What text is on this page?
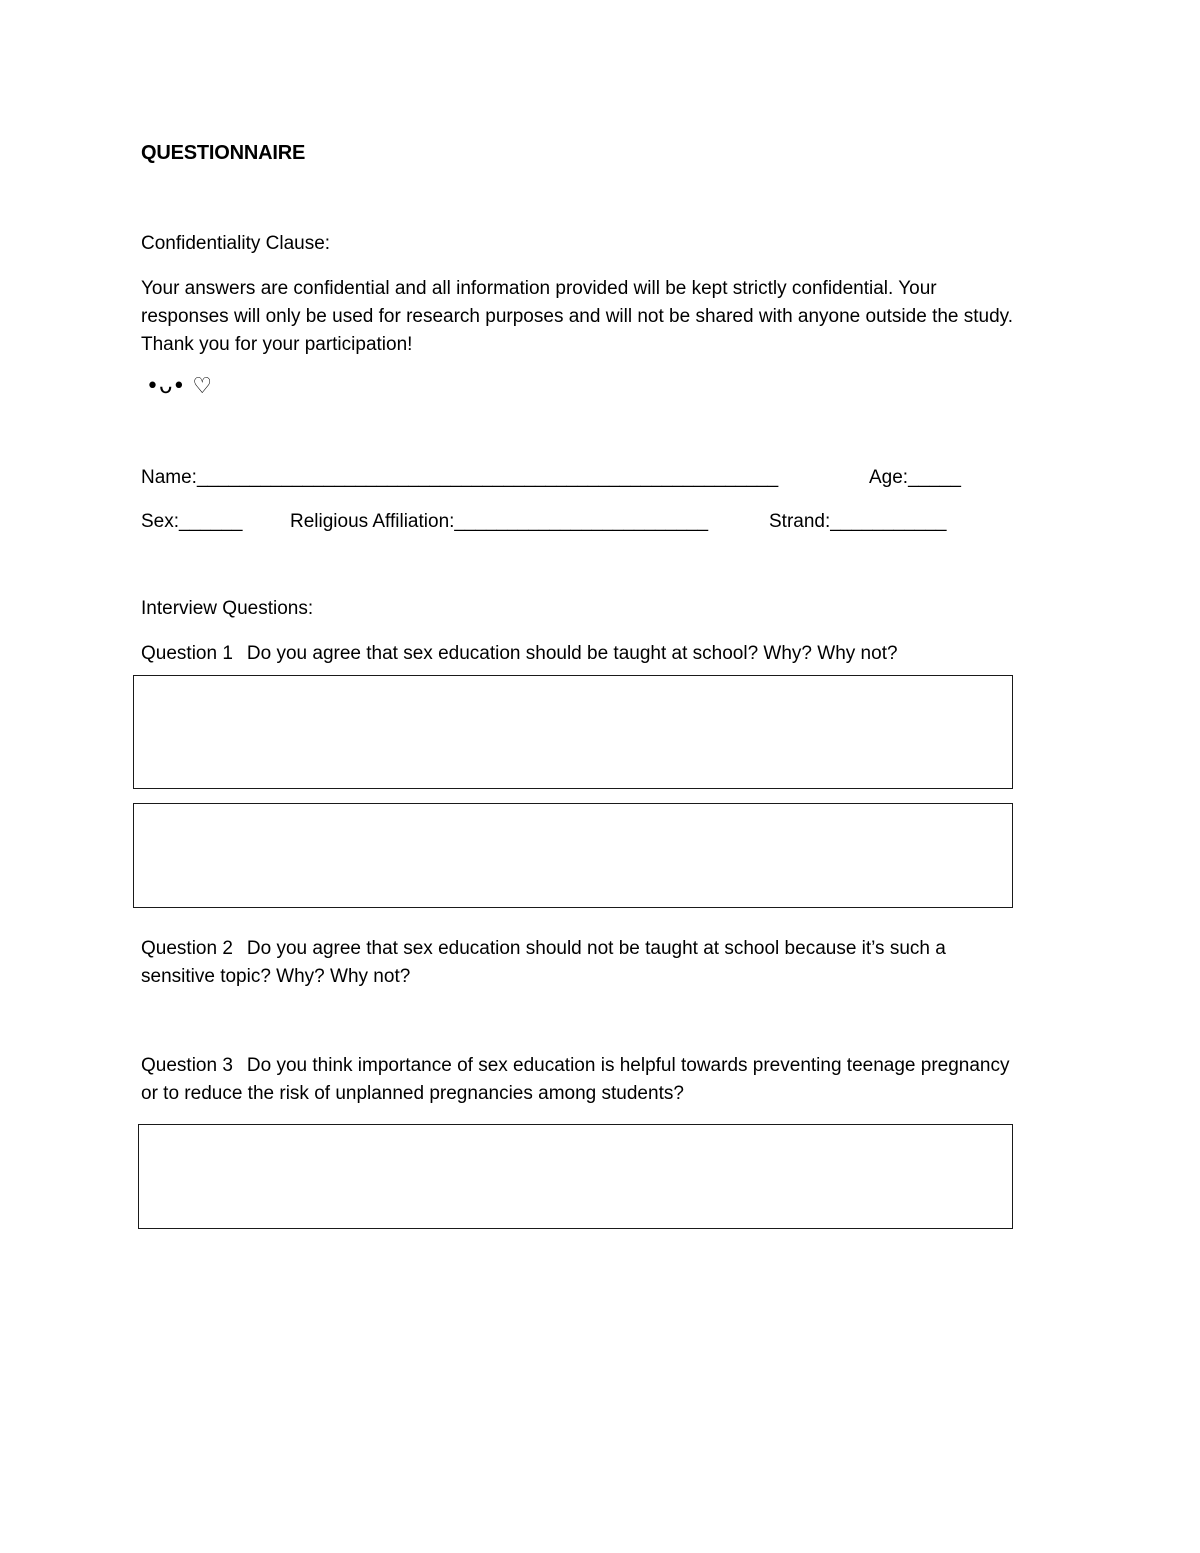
QUESTIONNAIRE
Confidentiality Clause:
Your answers are confidential and all information provided will be kept strictly confidential. Your
responses will only be used for research purposes and will not be shared with anyone outside the study.
Thank you for your participation!
•ᴗ• ♡
Name:_______________________________________________________	Age:_____
Sex:______	Religious Affiliation:________________________	Strand:___________
Interview Questions:
Question 1 Do you agree that sex education should be taught at school? Why? Why not?
Question 2 Do you agree that sex education should not be taught at school because it’s such a
sensitive topic? Why? Why not?
Question 3 Do you think importance of sex education is helpful towards preventing teenage pregnancy
or to reduce the risk of unplanned pregnancies among students?
